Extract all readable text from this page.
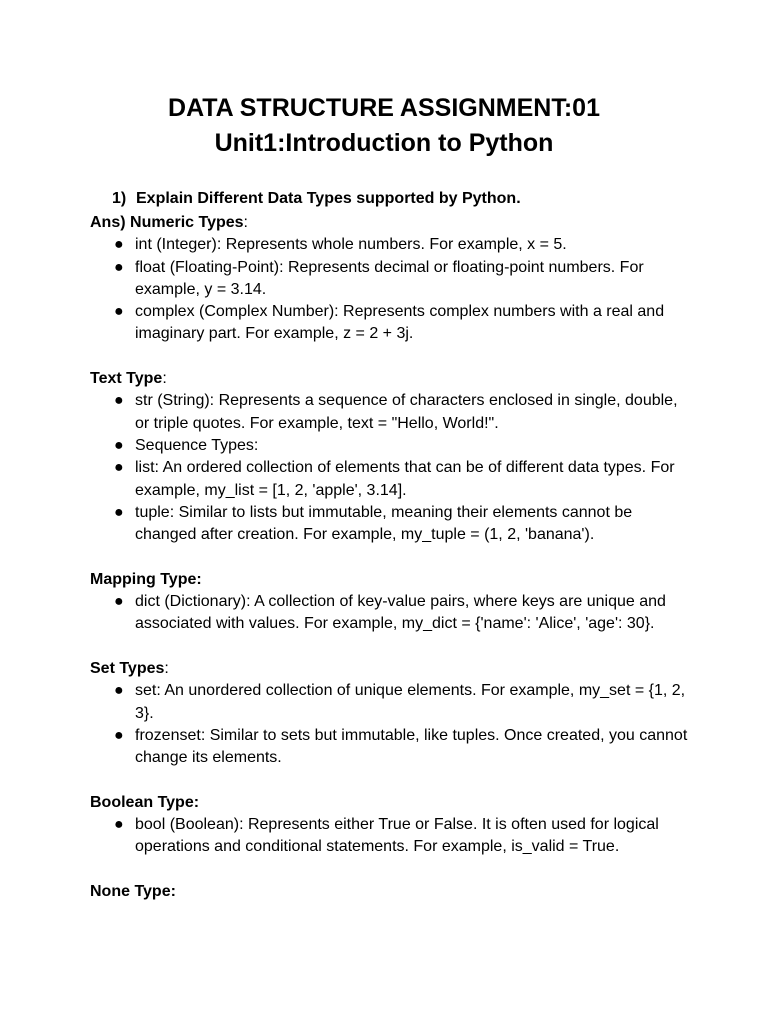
DATA STRUCTURE ASSIGNMENT:01
Unit1:Introduction to Python

1) Explain Different Data Types supported by Python.

Ans) Numeric Types:

● int (Integer): Represents whole numbers. For example, x = 5.
● float (Floating-Point): Represents decimal or floating-point numbers. For example, y = 3.14.
● complex (Complex Number): Represents complex numbers with a real and imaginary part. For example, z = 2 + 3j.

Text Type:

● str (String): Represents a sequence of characters enclosed in single, double, or triple quotes. For example, text = "Hello, World!".
● Sequence Types:
● list: An ordered collection of elements that can be of different data types. For example, my_list = [1, 2, 'apple', 3.14].
● tuple: Similar to lists but immutable, meaning their elements cannot be changed after creation. For example, my_tuple = (1, 2, 'banana').

Mapping Type:

● dict (Dictionary): A collection of key-value pairs, where keys are unique and associated with values. For example, my_dict = {'name': 'Alice', 'age': 30}.

Set Types:

● set: An unordered collection of unique elements. For example, my_set = {1, 2, 3}.
● frozenset: Similar to sets but immutable, like tuples. Once created, you cannot change its elements.

Boolean Type:

● bool (Boolean): Represents either True or False. It is often used for logical operations and conditional statements. For example, is_valid = True.

None Type:
